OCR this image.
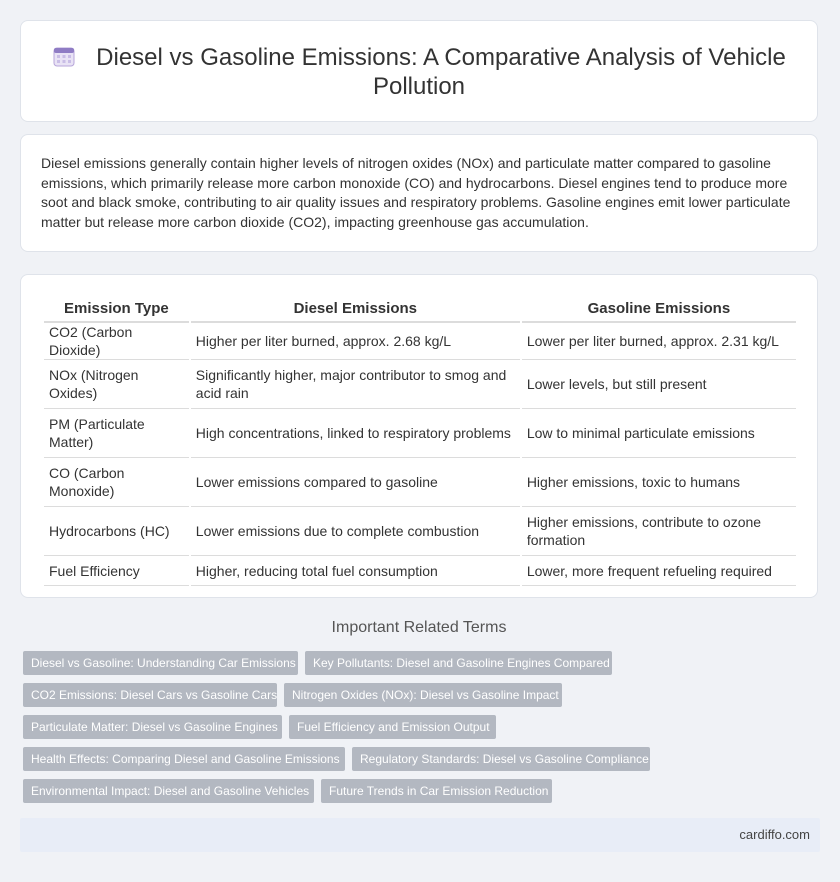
Diesel vs Gasoline Emissions: A Comparative Analysis of Vehicle Pollution

Diesel emissions generally contain higher levels of nitrogen oxides (NOx) and particulate matter compared to gasoline emissions, which primarily release more carbon monoxide (CO) and hydrocarbons. Diesel engines tend to produce more soot and black smoke, contributing to air quality issues and respiratory problems. Gasoline engines emit lower particulate matter but release more carbon dioxide (CO2), impacting greenhouse gas accumulation.

Emission Type	Diesel Emissions	Gasoline Emissions
CO2 (Carbon Dioxide)	Higher per liter burned, approx. 2.68 kg/L	Lower per liter burned, approx. 2.31 kg/L
NOx (Nitrogen Oxides)	Significantly higher, major contributor to smog and acid rain	Lower levels, but still present
PM (Particulate Matter)	High concentrations, linked to respiratory problems	Low to minimal particulate emissions
CO (Carbon Monoxide)	Lower emissions compared to gasoline	Higher emissions, toxic to humans
Hydrocarbons (HC)	Lower emissions due to complete combustion	Higher emissions, contribute to ozone formation
Fuel Efficiency	Higher, reducing total fuel consumption	Lower, more frequent refueling required
Important Related Terms
Diesel vs Gasoline: Understanding Car Emissions	Key Pollutants: Diesel and Gasoline Engines Compared
CO2 Emissions: Diesel Cars vs Gasoline Cars	Nitrogen Oxides (NOx): Diesel vs Gasoline Impact
Particulate Matter: Diesel vs Gasoline Engines	Fuel Efficiency and Emission Output
Health Effects: Comparing Diesel and Gasoline Emissions	Regulatory Standards: Diesel vs Gasoline Compliance
Environmental Impact: Diesel and Gasoline Vehicles	Future Trends in Car Emission Reduction
cardiffo.com
